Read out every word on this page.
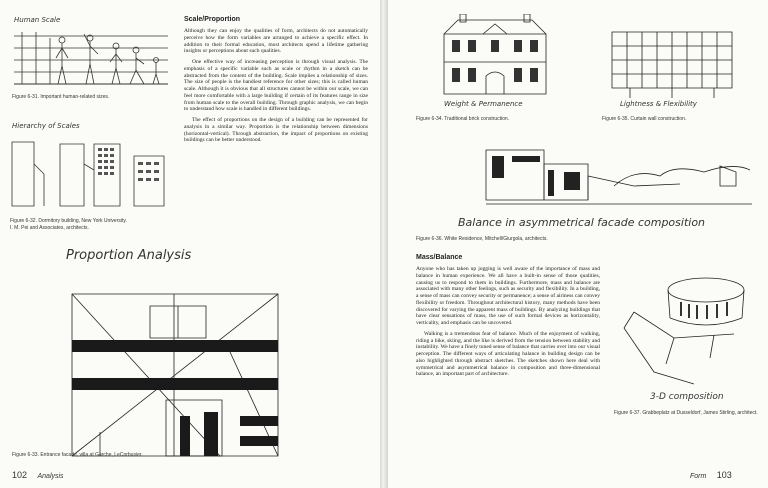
Human Scale
Figure 6-31. Important human-related sizes.
Hierarchy of Scales
Figure 6-32. Dormitory building, New York University.
I. M. Pei and Associates, architects.
Scale/Proportion

Although they can enjoy the qualities of form, architects do not automatically perceive how the form variables are arranged to achieve a specific effect. In addition to their formal education, most architects spend a lifetime gathering insights or perceptions about such qualities.

One effective way of increasing perception is through visual analysis. The emphasis of a specific variable such as scale or rhythm in a sketch can be abstracted from the content of the building. Scale implies a relationship of sizes. The size of people is the handiest reference for other sizes; this is called human scale. Although it is obvious that all structures cannot be within our scale, we can feel more comfortable with a large building if certain of its features range in size from human scale to the overall building. Through graphic analysis, we can begin to understand how scale is handled in different buildings.

The effect of proportions on the design of a building can be represented for analysis in a similar way. Proportion is the relationship between dimensions (horizontal-vertical). Through abstraction, the impact of proportions on existing buildings can be better understood.

Proportion Analysis
Figure 6-33. Entrance facade, villa at Garche, LeCorbusier.
102 Analysis
Weight & Permanence
Figure 6-34. Traditional brick construction.
Lightness & Flexibility
Figure 6-35. Curtain wall construction.
Balance in asymmetrical facade composition
Figure 6-36. White Residence, Mitchell/Giurgola, architects.
Mass/Balance

Anyone who has taken up jogging is well aware of the importance of mass and balance in human experience. We all have a built-in sense of those qualities, causing us to respond to them in buildings. Furthermore, mass and balance are associated with many other feelings, such as security and flexibility. In a building, a sense of mass can convey security or permanence; a sense of airiness can convey flexibility or freedom. Throughout architectural history, many methods have been discovered for varying the apparent mass of buildings. By analyzing buildings that have clear sensations of mass, the use of such formal devices as horizontality, verticality, and emphasis can be uncovered.

Walking is a tremendous feat of balance. Much of the enjoyment of walking, riding a bike, skiing, and the like is derived from the tension between stability and instability. We have a finely tuned sense of balance that carries over into our visual perception. The different ways of articulating balance in building design can be also highlighted through abstract sketches. The sketches shown here deal with symmetrical and asymmetrical balance in composition and three-dimensional balance, an important part of architecture.

3-D composition
Figure 6-37. Grabbeplatz at Dusseldorf, James Stirling, architect.
Form 103
